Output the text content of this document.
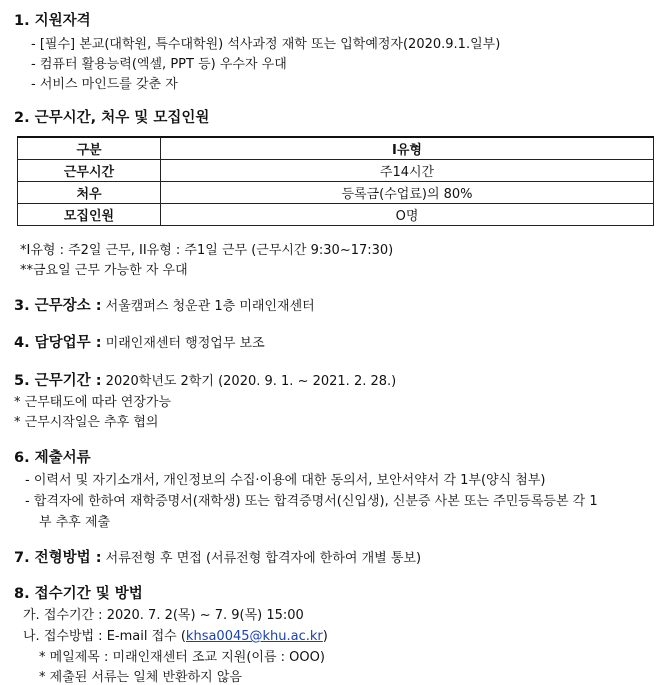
1. 지원자격
- [필수] 본교(대학원, 특수대학원) 석사과정 재학 또는 입학예정자(2020.9.1.일부)
- 컴퓨터 활용능력(엑셀, PPT 등) 우수자 우대
- 서비스 마인드를 갖춘 자
2. 근무시간, 처우 및 모집인원
구분	I유형
근무시간	주14시간
처우	등록금(수업료)의 80%
모집인원	O명
*I유형 : 주2일 근무, II유형 : 주1일 근무 (근무시간 9:30~17:30)
**금요일 근무 가능한 자 우대
3. 근무장소 : 서울캠퍼스 청운관 1층 미래인재센터
4. 담당업무 : 미래인재센터 행정업무 보조
5. 근무기간 : 2020학년도 2학기 (2020. 9. 1. ~ 2021. 2. 28.)
* 근무태도에 따라 연장가능
* 근무시작일은 추후 협의
6. 제출서류
- 이력서 및 자기소개서, 개인정보의 수집·이용에 대한 동의서, 보안서약서 각 1부(양식 첨부)
- 합격자에 한하여 재학증명서(재학생) 또는 합격증명서(신입생), 신분증 사본 또는 주민등록등본 각 1
부 추후 제출
7. 전형방법 : 서류전형 후 면접 (서류전형 합격자에 한하여 개별 통보)
8. 접수기간 및 방법
가. 접수기간 : 2020. 7. 2(목) ~ 7. 9(목) 15:00
나. 접수방법 : E-mail 접수 (khsa0045@khu.ac.kr)
* 메일제목 : 미래인재센터 조교 지원(이름 : OOO)
* 제출된 서류는 일체 반환하지 않음
